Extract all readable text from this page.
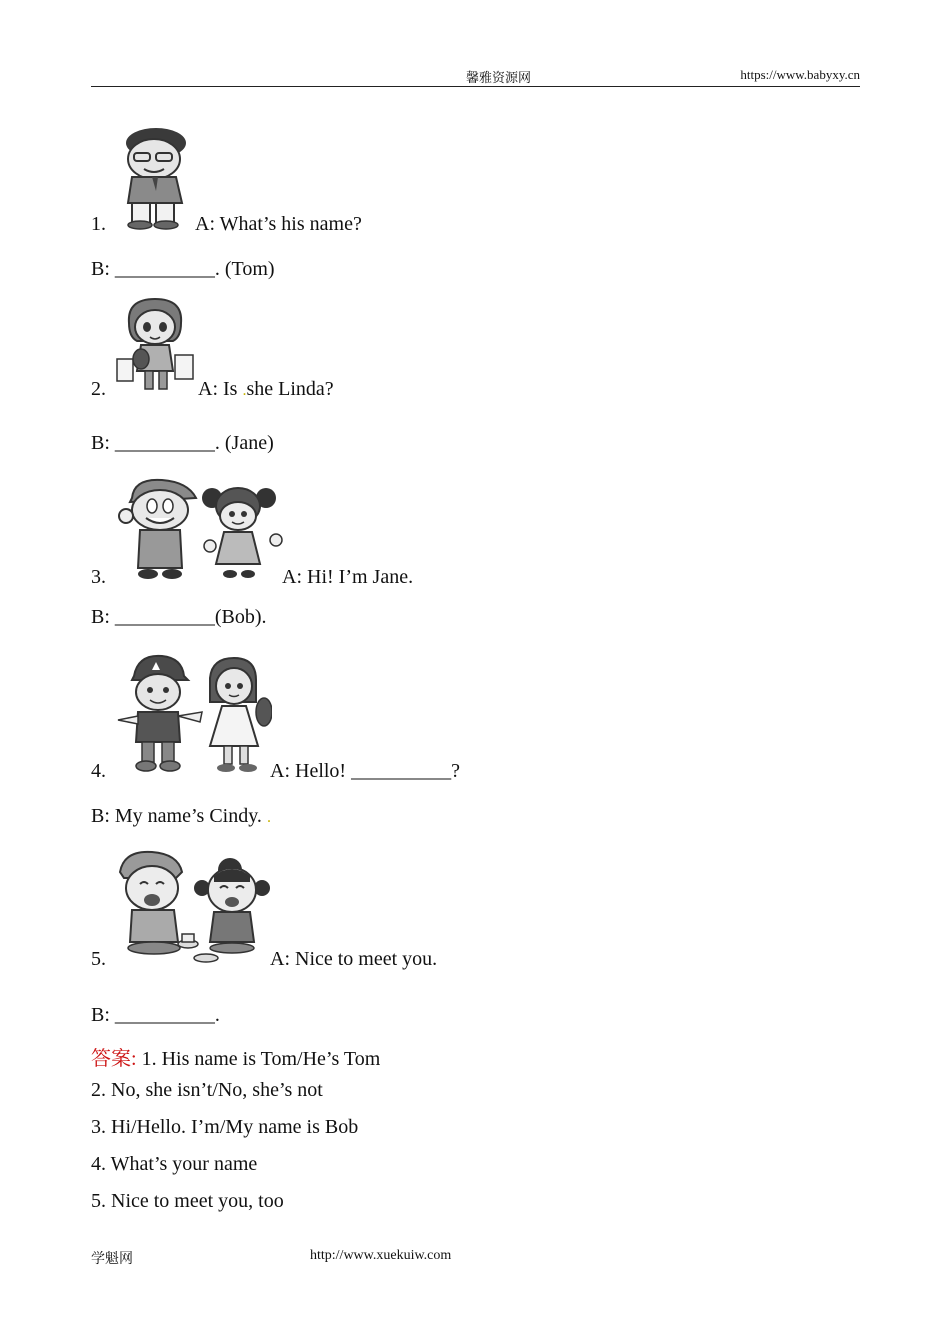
馨雅资源网	https://www.babyxy.cn
1.	A: What’s his name?
B: __________. (Tom)
2.	A: Is .she Linda?
B: __________. (Jane)
3.	A: Hi! I’m Jane.
B: __________(Bob).
4.	A: Hello! __________?
B: My name’s Cindy. .
5.	A: Nice to meet you.
B: __________.
答案: 1. His name is Tom/He’s Tom
2. No, she isn’t/No, she’s not
3. Hi/Hello. I’m/My name is Bob
4. What’s your name
5. Nice to meet you, too
学魁网	http://www.xuekuiw.com
